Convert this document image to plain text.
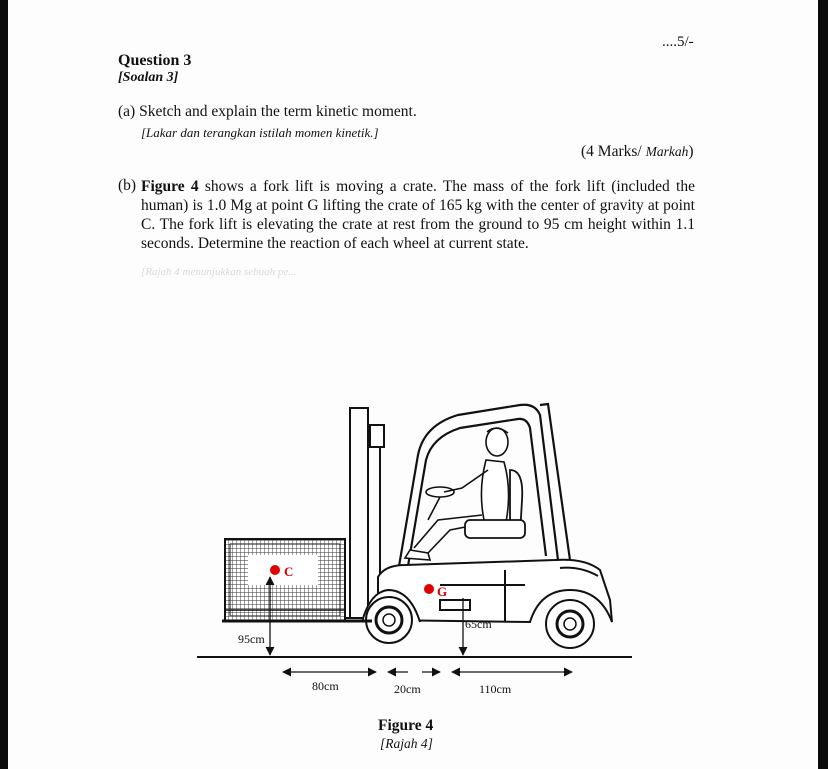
....5/-
Question 3
[Soalan 3]
(a) Sketch and explain the term kinetic moment.
[Lakar dan terangkan istilah momen kinetik.]
(4 Marks/ Markah)
(b) Figure 4 shows a fork lift is moving a crate. The mass of the fork lift (included the human) is 1.0 Mg at point G lifting the crate of 165 kg with the center of gravity at point C. The fork lift is elevating the crate at rest from the ground to 95 cm height within 1.1 seconds. Determine the reaction of each wheel at current state.

[Rajah 4 menunjukkan sebuah pe...
C
G
95cm
65cm
80cm	20cm	110cm
Figure 4
[Rajah 4]
